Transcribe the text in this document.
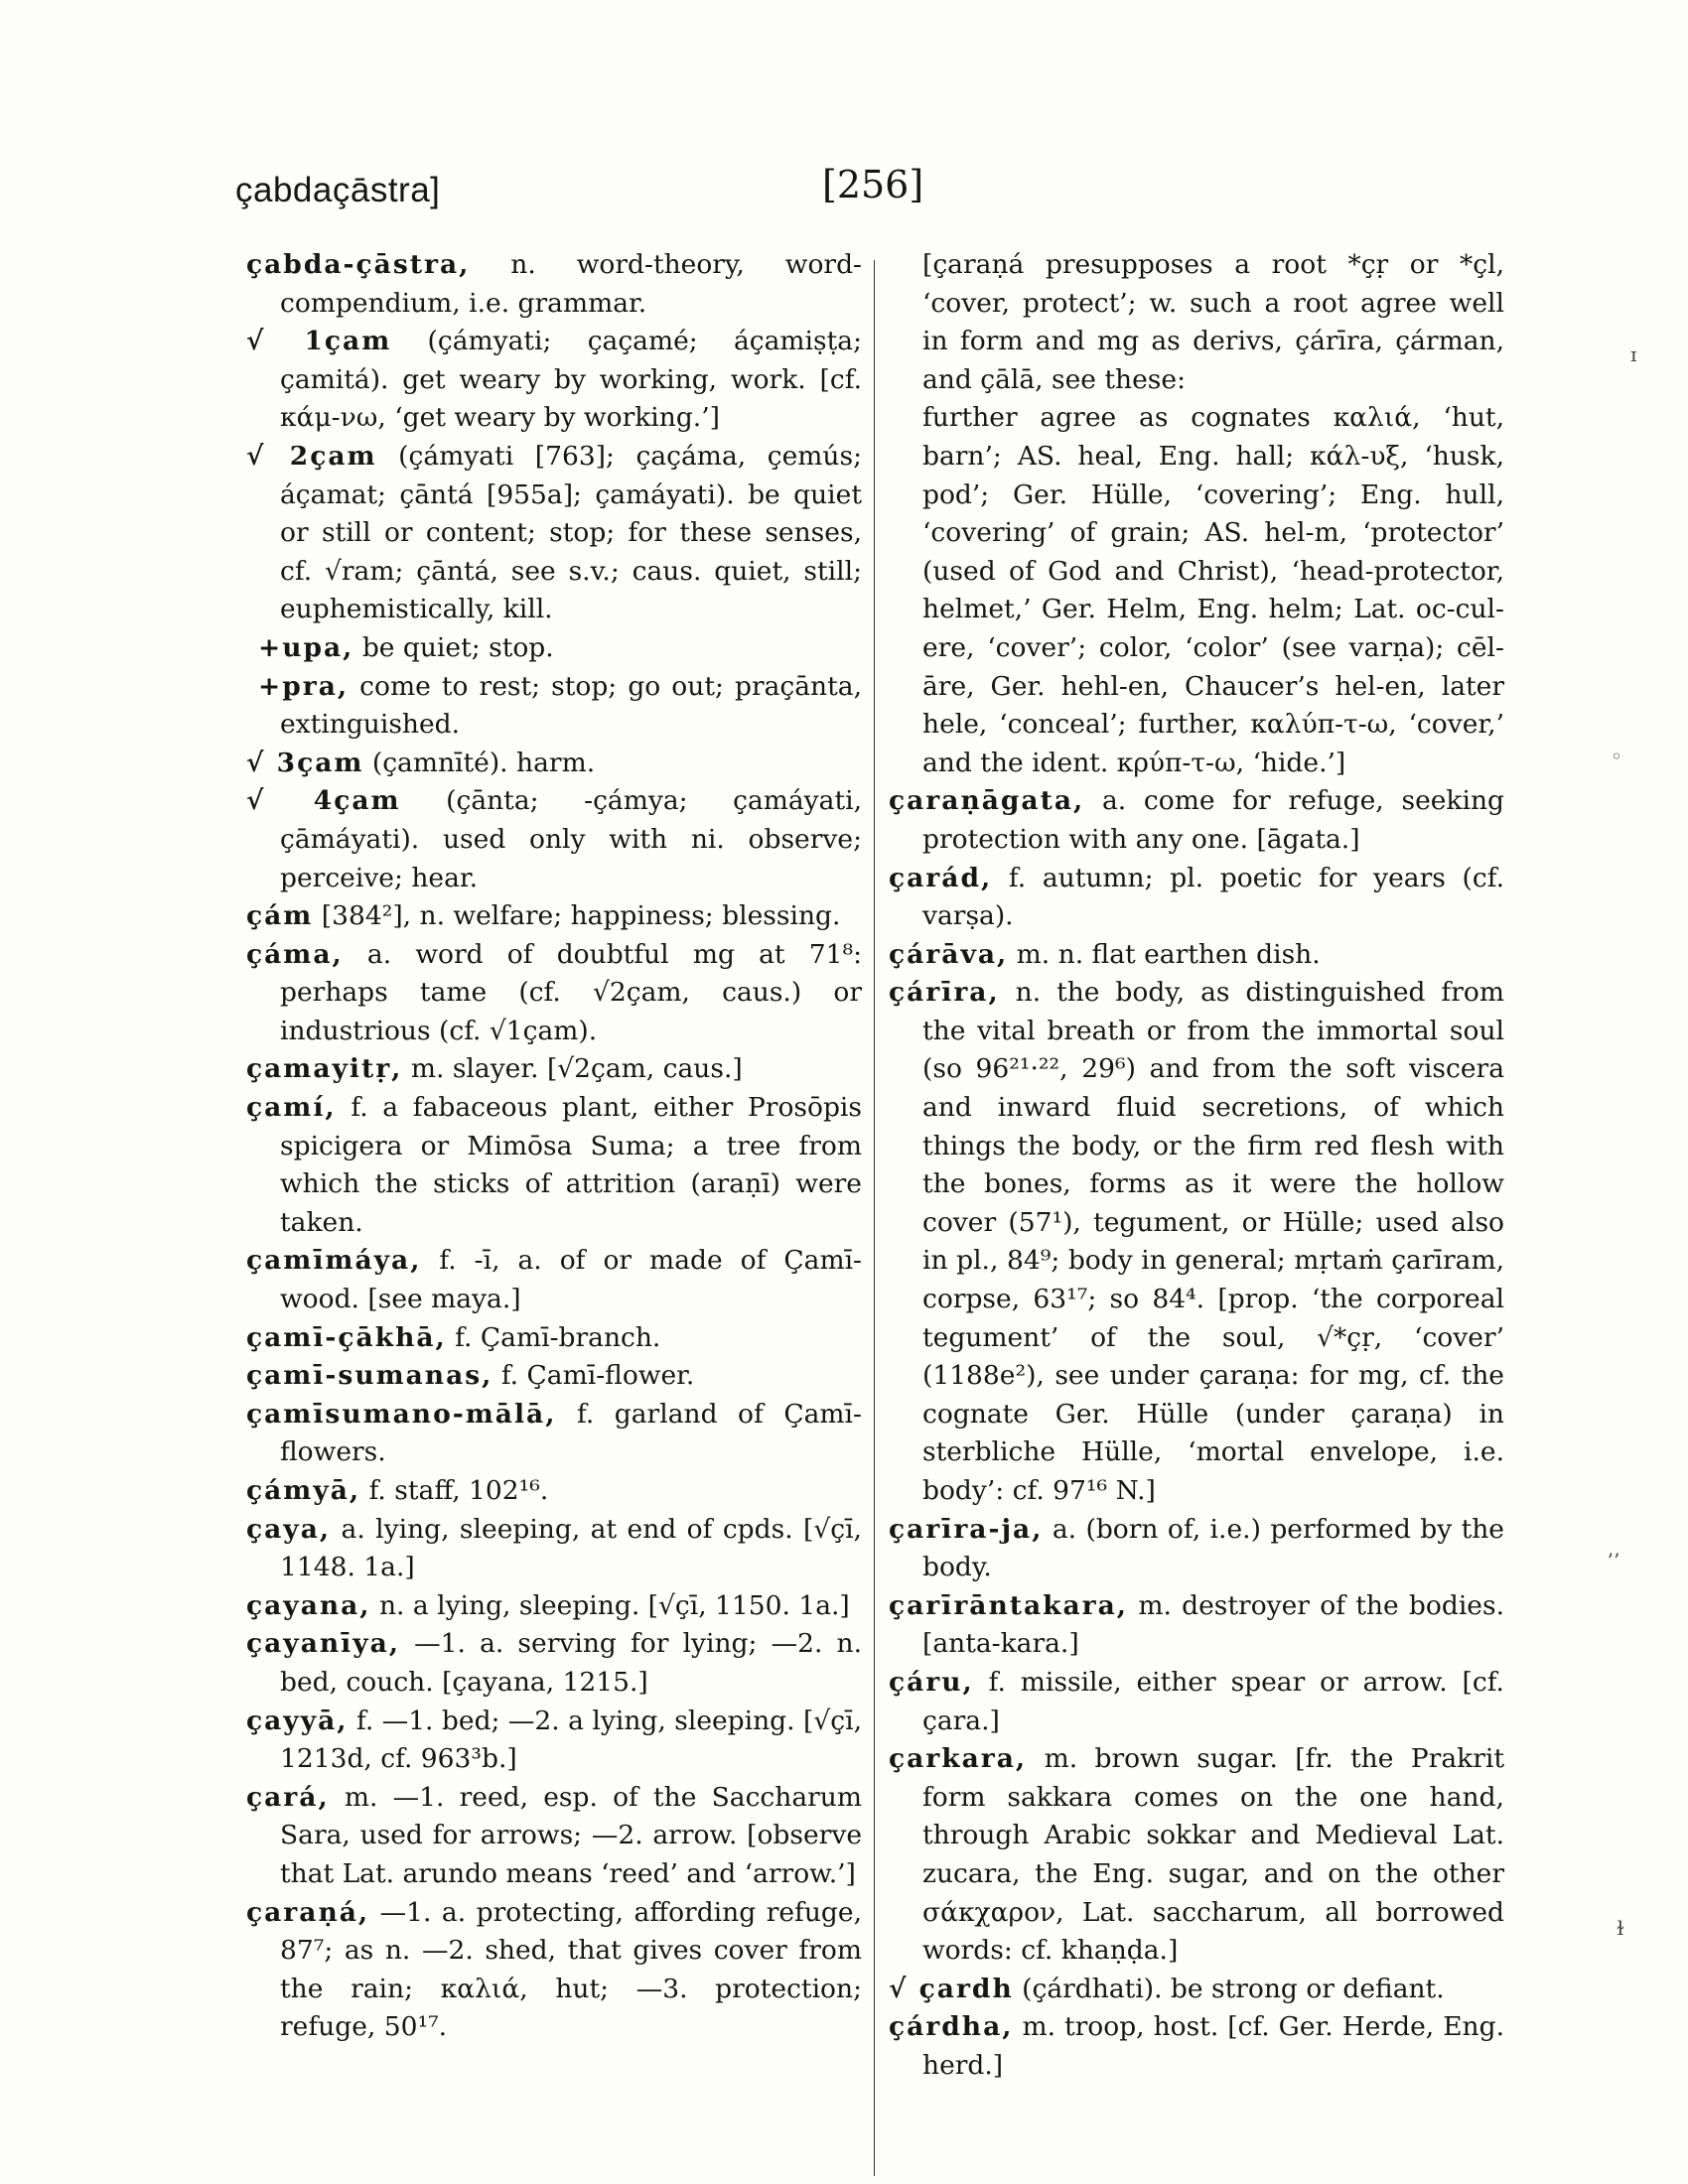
çabdaçāstra]	[256]

çabda-çāstra, n. word-theory, word-compendium, i.e. grammar.

√ 1çam (çámyati; çaçamé; áçamiṣṭa; çamitá). get weary by working, work. [cf. κάμ-νω, ‘get weary by working.’]

√ 2çam (çámyati [763]; çaçáma, çemús; áçamat; çāntá [955a]; çamáyati). be quiet or still or content; stop; for these senses, cf. √ram; çāntá, see s.v.; caus. quiet, still; euphemistically, kill.

+upa, be quiet; stop.

+pra, come to rest; stop; go out; praçānta, extinguished.

√ 3çam (çamnīté). harm.

√ 4çam (çānta; -çámya; çamáyati, çāmáyati). used only with ni. observe; perceive; hear.

çám [384²], n. welfare; happiness; blessing.

çáma, a. word of doubtful mg at 71⁸: perhaps tame (cf. √2çam, caus.) or industrious (cf. √1çam).

çamayitṛ, m. slayer. [√2çam, caus.]

çamí, f. a fabaceous plant, either Prosōpis spicigera or Mimōsa Suma; a tree from which the sticks of attrition (araṇī) were taken.

çamīmáya, f. -ī, a. of or made of Çamī-wood. [see maya.]

çamī-çākhā, f. Çamī-branch.

çamī-sumanas, f. Çamī-flower.

çamīsumano-mālā, f. garland of Çamī-flowers.

çámyā, f. staff, 102¹⁶.

çaya, a. lying, sleeping, at end of cpds. [√çī, 1148. 1a.]

çayana, n. a lying, sleeping. [√çī, 1150. 1a.]

çayanīya, —1. a. serving for lying; —2. n. bed, couch. [çayana, 1215.]

çayyā, f. —1. bed; —2. a lying, sleeping. [√çī, 1213d, cf. 963³b.]

çará, m. —1. reed, esp. of the Saccharum Sara, used for arrows; —2. arrow. [observe that Lat. arundo means ‘reed’ and ‘arrow.’]

çaraṇá, —1. a. protecting, affording refuge, 87⁷; as n. —2. shed, that gives cover from the rain; καλιά, hut; —3. protection; refuge, 50¹⁷.

[çaraṇá presupposes a root *çṛ or *çl, ‘cover, protect’; w. such a root agree well in form and mg as derivs, çárīra, çárman, and çālā, see these:

further agree as cognates καλιά, ‘hut, barn’; AS. heal, Eng. hall; κάλ-υξ, ‘husk, pod’; Ger. Hülle, ‘covering’; Eng. hull, ‘covering’ of grain; AS. hel-m, ‘protector’ (used of God and Christ), ‘head-protector, helmet,’ Ger. Helm, Eng. helm; Lat. oc-cul-ere, ‘cover’; color, ‘color’ (see varṇa); cēl-āre, Ger. hehl-en, Chaucer’s hel-en, later hele, ‘conceal’; further, καλύπ-τ-ω, ‘cover,’ and the ident. κρύπ-τ-ω, ‘hide.’]

çaraṇāgata, a. come for refuge, seeking protection with any one. [āgata.]

çarád, f. autumn; pl. poetic for years (cf. varṣa).

çárāva, m. n. flat earthen dish.

çárīra, n. the body, as distinguished from the vital breath or from the immortal soul (so 96²¹·²², 29⁶) and from the soft viscera and inward fluid secretions, of which things the body, or the firm red flesh with the bones, forms as it were the hollow cover (57¹), tegument, or Hülle; used also in pl., 84⁹; body in general; mṛtaṁ çarīram, corpse, 63¹⁷; so 84⁴. [prop. ‘the corporeal tegument’ of the soul, √*çṛ, ‘cover’ (1188e²), see under çaraṇa: for mg, cf. the cognate Ger. Hülle (under çaraṇa) in sterbliche Hülle, ‘mortal envelope, i.e. body’: cf. 97¹⁶ N.]

çarīra-ja, a. (born of, i.e.) performed by the body.

çarīrāntakara, m. destroyer of the bodies. [anta-kara.]

çáru, f. missile, either spear or arrow. [cf. çara.]

çarkara, m. brown sugar. [fr. the Prakrit form sakkara comes on the one hand, through Arabic sokkar and Medieval Lat. zucara, the Eng. sugar, and on the other σάκχαρον, Lat. saccharum, all borrowed words: cf. khaṇḍa.]

√ çardh (çárdhati). be strong or defiant.

çárdha, m. troop, host. [cf. Ger. Herde, Eng. herd.]

ɪ
◦
ʼʼ
ɫ
